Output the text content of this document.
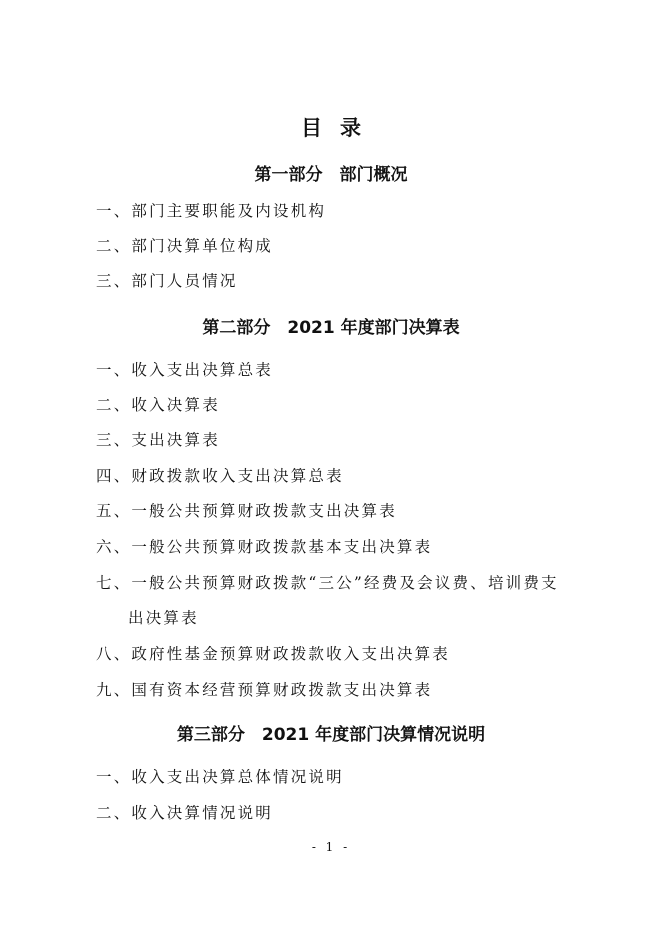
目录
第一部分　部门概况
一、部门主要职能及内设机构
二、部门决算单位构成
三、部门人员情况
第二部分　2021 年度部门决算表
一、收入支出决算总表
二、收入决算表
三、支出决算表
四、财政拨款收入支出决算总表
五、一般公共预算财政拨款支出决算表
六、一般公共预算财政拨款基本支出决算表
七、一般公共预算财政拨款“三公”经费及会议费、培训费支
出决算表
八、政府性基金预算财政拨款收入支出决算表
九、国有资本经营预算财政拨款支出决算表
第三部分　2021 年度部门决算情况说明
一、收入支出决算总体情况说明
二、收入决算情况说明
- 1 -
